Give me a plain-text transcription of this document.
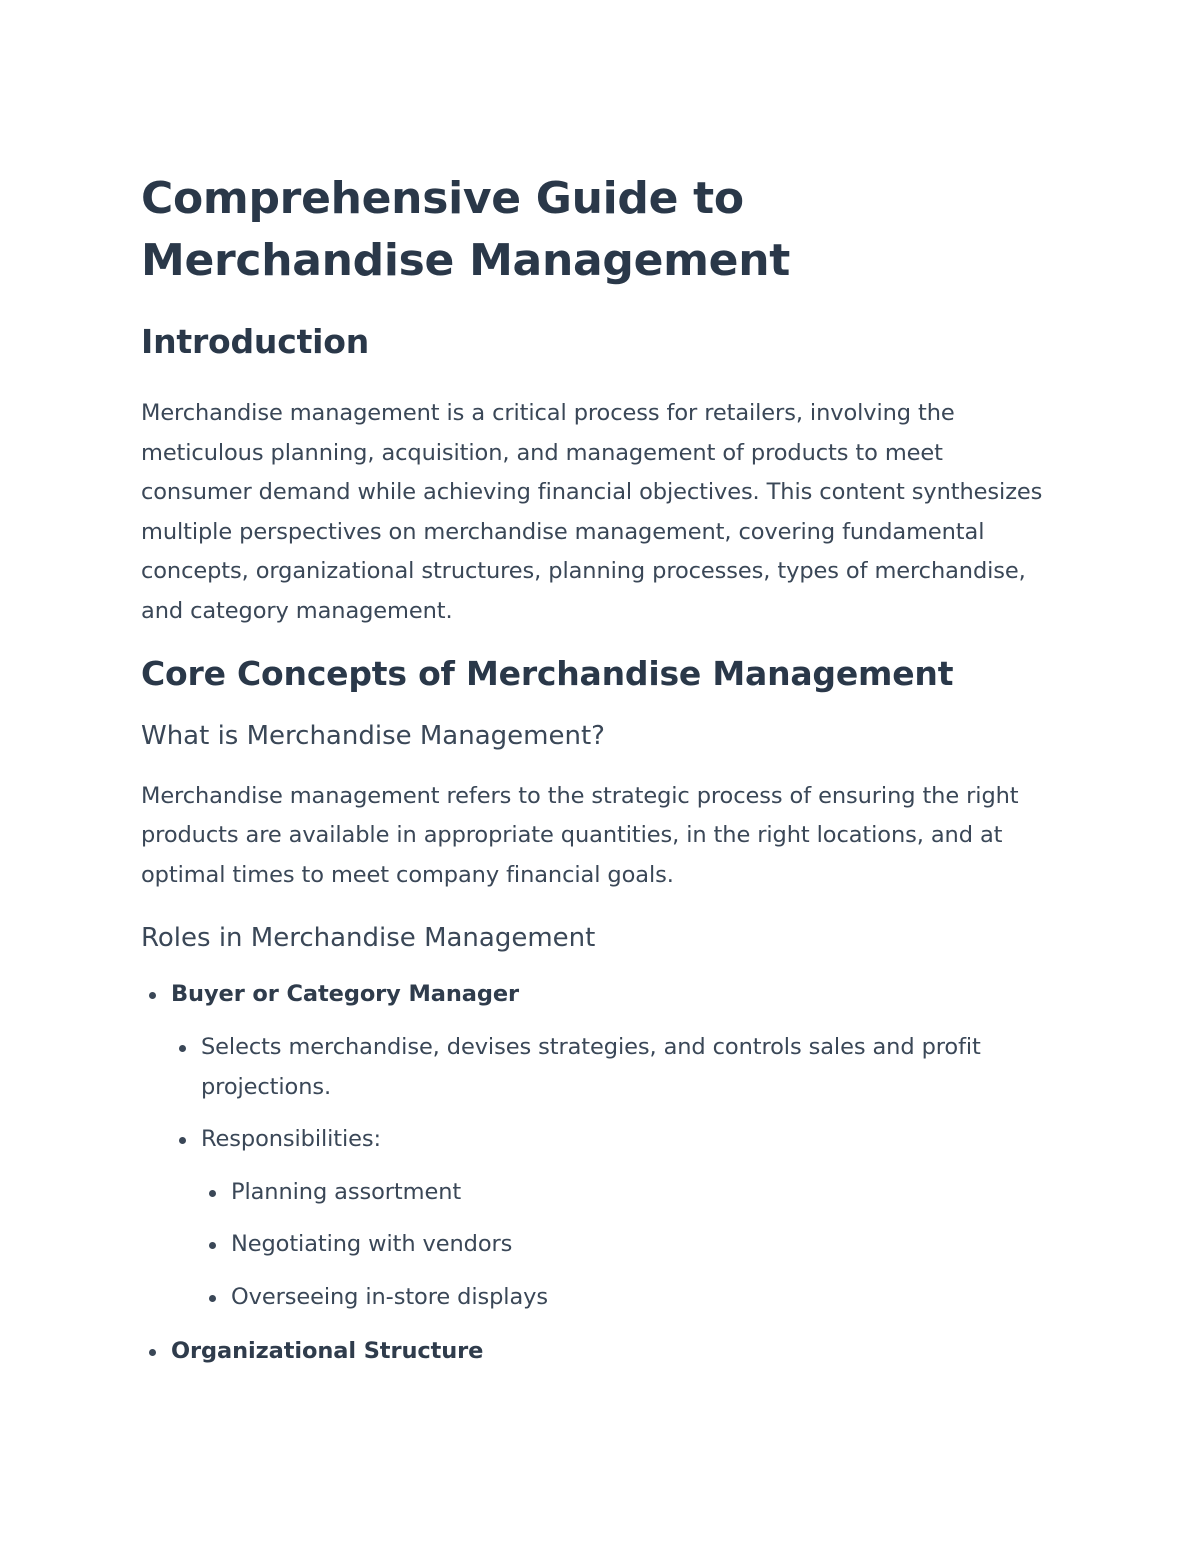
Comprehensive Guide to Merchandise Management
Introduction

Merchandise management is a critical process for retailers, involving the meticulous planning, acquisition, and management of products to meet consumer demand while achieving financial objectives. This content synthesizes multiple perspectives on merchandise management, covering fundamental concepts, organizational structures, planning processes, types of merchandise, and category management.

Core Concepts of Merchandise Management
What is Merchandise Management?

Merchandise management refers to the strategic process of ensuring the right products are available in appropriate quantities, in the right locations, and at optimal times to meet company financial goals.

Roles in Merchandise Management
Buyer or Category Manager
Selects merchandise, devises strategies, and controls sales and profit projections.
Responsibilities:
Planning assortment
Negotiating with vendors
Overseeing in-store displays
Organizational Structure
